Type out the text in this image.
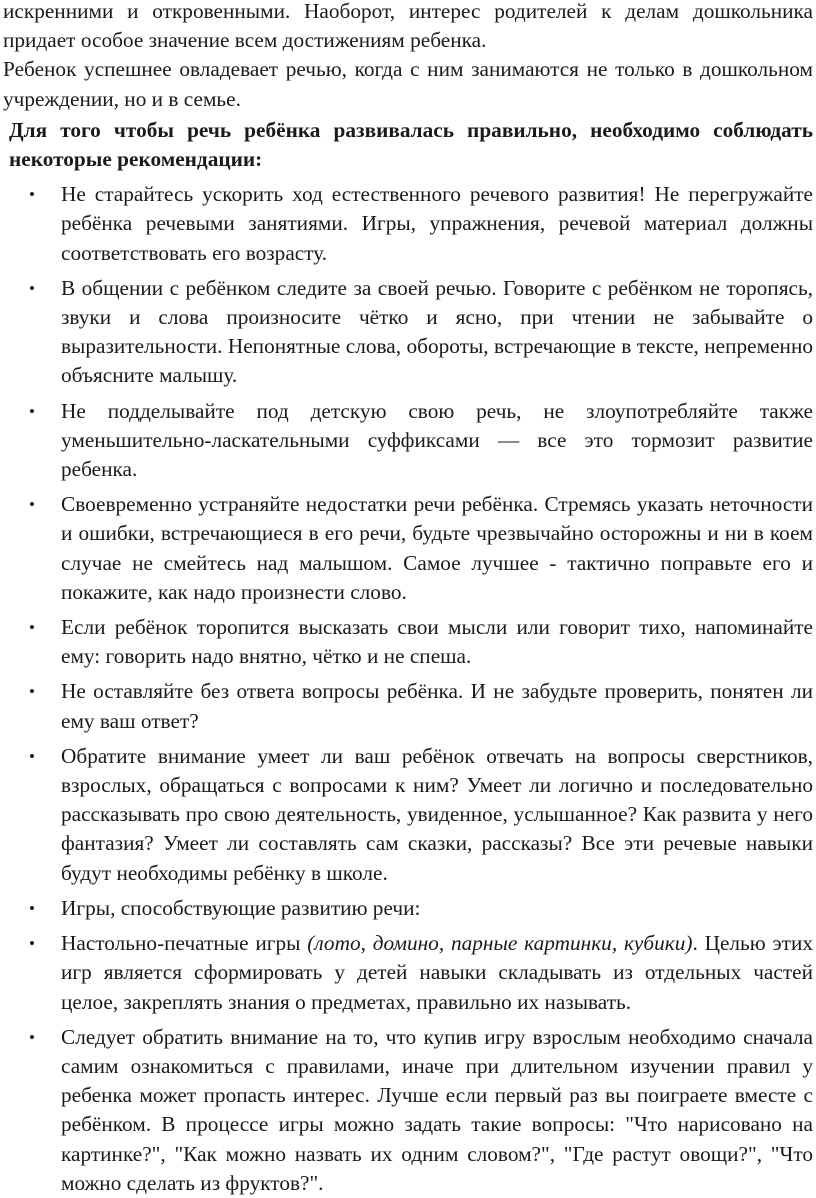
искренними и откровенными. Наоборот, интерес родителей к делам дошкольника придает особое значение всем достижениям ребенка.

Ребенок успешнее овладевает речью, когда с ним занимаются не только в дошкольном учреждении, но и в семье.

Для того чтобы речь ребёнка развивалась правильно, необходимо соблюдать некоторые рекомендации:

• Не старайтесь ускорить ход естественного речевого развития! Не перегружайте ребёнка речевыми занятиями. Игры, упражнения, речевой материал должны соответствовать его возрасту.
• В общении с ребёнком следите за своей речью. Говорите с ребёнком не торопясь, звуки и слова произносите чётко и ясно, при чтении не забывайте о выразительности. Непонятные слова, обороты, встречающие в тексте, непременно объясните малышу.
• Не подделывайте под детскую свою речь, не злоупотребляйте также уменьшительно-ласкательными суффиксами — все это тормозит развитие ребенка.
• Своевременно устраняйте недостатки речи ребёнка. Стремясь указать неточности и ошибки, встречающиеся в его речи, будьте чрезвычайно осторожны и ни в коем случае не смейтесь над малышом. Самое лучшее - тактично поправьте его и покажите, как надо произнести слово.
• Если ребёнок торопится высказать свои мысли или говорит тихо, напоминайте ему: говорить надо внятно, чётко и не спеша.
• Не оставляйте без ответа вопросы ребёнка. И не забудьте проверить, понятен ли ему ваш ответ?
• Обратите внимание умеет ли ваш ребёнок отвечать на вопросы сверстников, взрослых, обращаться с вопросами к ним? Умеет ли логично и последовательно рассказывать про свою деятельность, увиденное, услышанное? Как развита у него фантазия? Умеет ли составлять сам сказки, рассказы? Все эти речевые навыки будут необходимы ребёнку в школе.
• Игры, способствующие развитию речи:
• Настольно-печатные игры (лото, домино, парные картинки, кубики). Целью этих игр является сформировать у детей навыки складывать из отдельных частей целое, закреплять знания о предметах, правильно их называть.
• Следует обратить внимание на то, что купив игру взрослым необходимо сначала самим ознакомиться с правилами, иначе при длительном изучении правил у ребенка может пропасть интерес. Лучше если первый раз вы поиграете вместе с ребёнком. В процессе игры можно задать такие вопросы: "Что нарисовано на картинке?", "Как можно назвать их одним словом?", "Где растут овощи?", "Что можно сделать из фруктов?".
